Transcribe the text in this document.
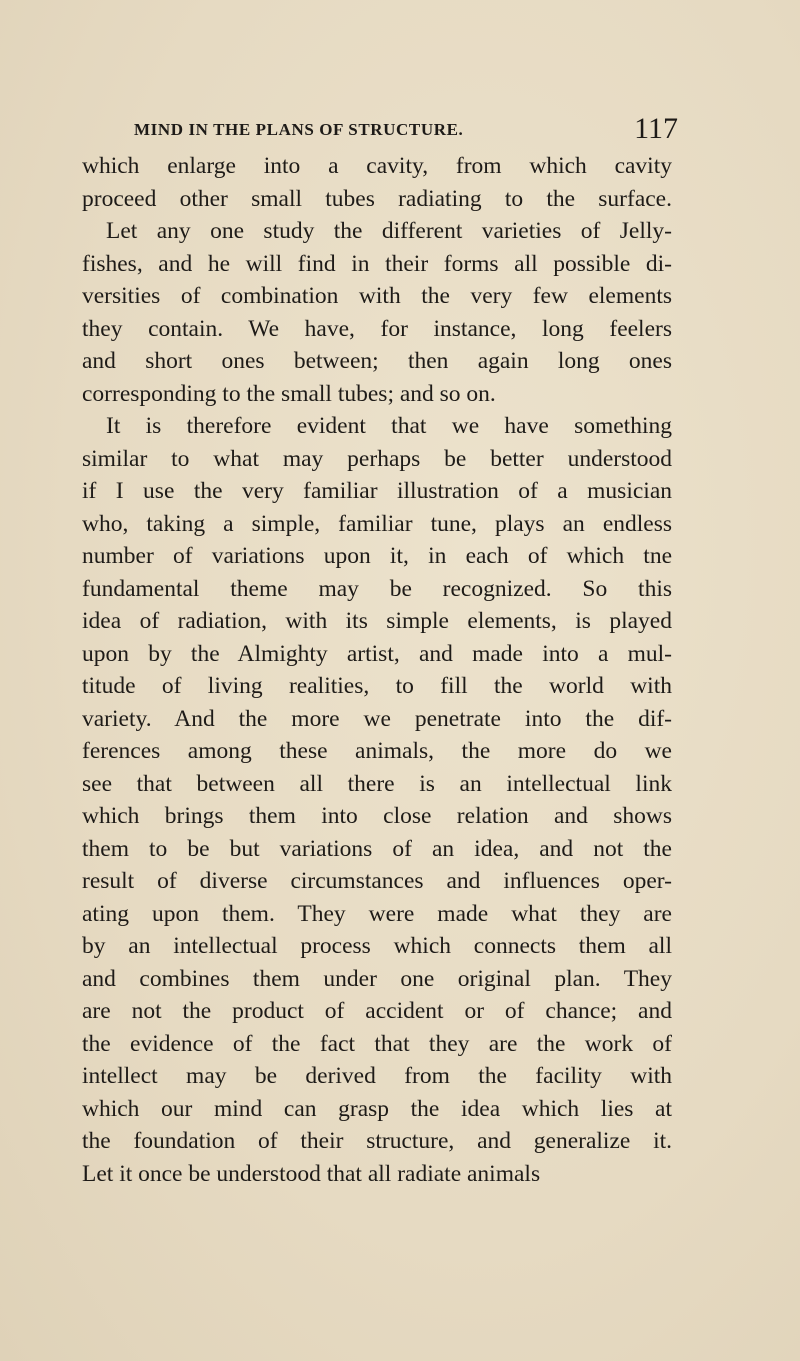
MIND IN THE PLANS OF STRUCTURE.	117
which enlarge into a cavity, from which cavity
proceed other small tubes radiating to the surface.
Let any one study the different varieties of Jelly-
fishes, and he will find in their forms all possible di-
versities of combination with the very few elements
they contain. We have, for instance, long feelers
and short ones between; then again long ones
corresponding to the small tubes; and so on.
It is therefore evident that we have something
similar to what may perhaps be better understood
if I use the very familiar illustration of a musician
who, taking a simple, familiar tune, plays an endless
number of variations upon it, in each of which tne
fundamental theme may be recognized. So this
idea of radiation, with its simple elements, is played
upon by the Almighty artist, and made into a mul-
titude of living realities, to fill the world with
variety. And the more we penetrate into the dif-
ferences among these animals, the more do we
see that between all there is an intellectual link
which brings them into close relation and shows
them to be but variations of an idea, and not the
result of diverse circumstances and influences oper-
ating upon them. They were made what they are
by an intellectual process which connects them all
and combines them under one original plan. They
are not the product of accident or of chance; and
the evidence of the fact that they are the work of
intellect may be derived from the facility with
which our mind can grasp the idea which lies at
the foundation of their structure, and generalize it.
Let it once be understood that all radiate animals
